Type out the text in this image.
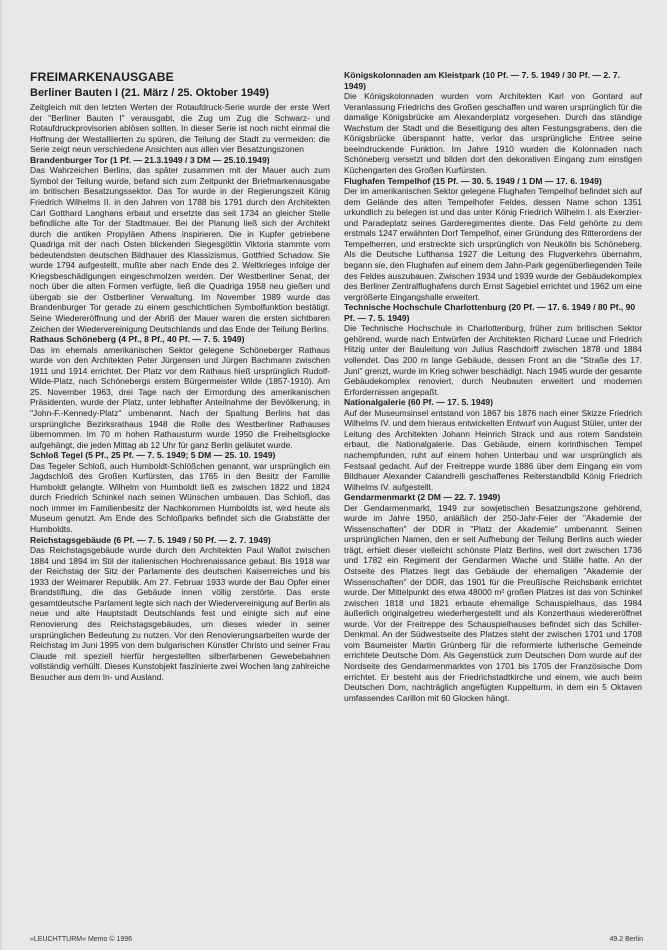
FREIMARKENAUSGABE
Berliner Bauten I (21. März / 25. Oktober 1949)

Zeitgleich mit den letzten Werten der Rotaufdruck-Serie wurde der erste Wert der "Berliner Bauten I" verausgabt, die Zug um Zug die Schwarz- und Rotaufdruckprovisorien ablösen sollten. In dieser Serie ist noch nicht einmal die Hoffnung der Westalliierten zu spüren, die Teilung der Stadt zu vermeiden: die Serie zeigt neun verschiedene Ansichten aus allen vier Besatzungszonen

Brandenburger Tor (1 Pf. — 21.3.1949 / 3 DM — 25.10.1949)

Das Wahrzeichen Berlins, das später zusammen mit der Mauer auch zum Symbol der Teilung wurde, befand sich zum Zeitpunkt der Briefmarkenausgabe im britischen Besatzungssektor. Das Tor wurde in der Regierungszeit König Friedrich Wilhelms II. in den Jahren von 1788 bis 1791 durch den Architekten Carl Gotthard Langhans erbaut und ersetzte das seit 1734 an gleicher Stelle befindliche alte Tor der Stadtmauer. Bei der Planung ließ sich der Architekt durch die antiken Propyläen Athens inspirieren. Die in Kupfer getriebene Quadriga mit der nach Osten blickenden Siegesgöttin Viktoria stammte vom bedeutendsten deutschen Bildhauer des Klassizismus, Gottfried Schadow. Sie wurde 1794 aufgestellt, mußte aber nach Ende des 2. Weltkrieges infolge der Kriegsbeschädigungen eingeschmolzen werden. Der Westberliner Senat, der noch über die alten Formen verfügte, ließ die Quadriga 1958 neu gießen und übergab sie der Ostberliner Verwaltung. Im November 1989 wurde das Brandenburger Tor gerade zu einem geschichtlichen Symbolfunktion bestätigt. Seine Wiedereröffnung und der Abriß der Mauer waren die ersten sichtbaren Zeichen der Wiedervereinigung Deutschlands und das Ende der Teilung Berlins.

Rathaus Schöneberg (4 Pf., 8 Pf., 40 Pf. — 7. 5. 1949)

Das im ehemals amerikanischen Sektor gelegene Schöneberger Rathaus wurde von den Architekten Peter Jürgensen und Jürgen Bachmann zwischen 1911 und 1914 errichtet. Der Platz vor dem Rathaus hieß ursprünglich Rudolf-Wilde-Platz, nach Schönebergs erstem Bürgermeister Wilde (1857-1910). Am 25. November 1963, drei Tage nach der Ermordung des amerikanischen Präsidenten, wurde der Platz, unter lebhafter Anteilnahme der Bevölkerung, in "John-F.-Kennedy-Platz" umbenannt. Nach der Spaltung Berlins hat das ursprüngliche Bezirksrathaus 1948 die Rolle des Westberliner Rathauses übernommen. Im 70 m hohen Rathausturm wurde 1950 die Freiheitsglocke aufgehängt, die jeden Mittag ab 12 Uhr für ganz Berlin geläutet wurde.

Schloß Tegel (5 Pf., 25 Pf. — 7. 5. 1949; 5 DM — 25. 10. 1949)

Das Tegeler Schloß, auch Humboldt-Schlößchen genannt, war ursprünglich ein Jagdschloß des Großen Kurfürsten, das 1765 in den Besitz der Familie Humboldt gelangte. Wilhelm von Humboldt ließ es zwischen 1822 und 1824 durch Friedrich Schinkel nach seinen Wünschen umbauen. Das Schloß, das noch immer im Familienbesitz der Nachkommen Humboldts ist, wird heute als Museum genutzt. Am Ende des Schloßparks befindet sich die Grabstätte der Humboldts.

Reichstagsgebäude (6 Pf. — 7. 5. 1949 / 50 Pf. — 2. 7. 1949)

Das Reichstagsgebäude wurde durch den Architekten Paul Wallot zwischen 1884 und 1894 im Stil der italienischen Hochrenaissance gebaut. Bis 1918 war der Reichstag der Sitz der Parlamente des deutschen Kaiserreiches und bis 1933 der Weimarer Republik. Am 27. Februar 1933 wurde der Bau Opfer einer Brandstiftung, die das Gebäude innen völlig zerstörte. Das erste gesamtdeutsche Parlament legte sich nach der Wiedervereinigung auf Berlin als neue und alte Hauptstadt Deutschlands fest und einigte sich auf eine Renovierung des Reichstagsgebäudes, um dieses wieder in seiner ursprünglichen Bedeutung zu nutzen. Vor den Renovierungsarbeiten wurde der Reichstag im Juni 1995 von dem bulgarischen Künstler Christo und seiner Frau Claude mit speziell hierfür hergestellten silberfarbenen Gewebebahnen vollständig verhüllt. Dieses Kunstobjekt faszinierte zwei Wochen lang zahlreiche Besucher aus dem In- und Ausland.

Königskolonnaden am Kleistpark (10 Pf. — 7. 5. 1949 / 30 Pf. — 2. 7. 1949)

Die Königskolonnaden wurden vom Architekten Karl von Gontard auf Veranlassung Friedrichs des Großen geschaffen und waren ursprünglich für die damalige Königsbrücke am Alexanderplatz vorgesehen. Durch das ständige Wachstum der Stadt und die Beseitigung des alten Festungsgrabens, den die Königsbrücke überspannt hatte, verlor das ursprüngliche Entree seine beeindruckende Funktion. Im Jahre 1910 wurden die Kolonnaden nach Schöneberg versetzt und bilden dort den dekorativen Eingang zum einstigen Küchengarten des Großen Kurfürsten.

Flughafen Tempelhof (15 Pf. — 30. 5. 1949 / 1 DM — 17. 6. 1949)

Der im amerikanischen Sektor gelegene Flughafen Tempelhof befindet sich auf dem Gelände des alten Tempelhofer Feldes, dessen Name schon 1351 urkundlich zu belegen ist und das unter König Friedrich Wilhelm I. als Exerzier- und Paradeplatz seines Garderegimentes diente. Das Feld gehörte zu dem erstmals 1247 erwähnten Dorf Tempelhof, einer Gründung des Ritterordens der Tempelherren, und erstreckte sich ursprünglich von Neukölln bis Schöneberg. Als die Deutsche Lufthansa 1927 die Leitung des Flugverkehrs übernahm, begann sie, den Flughafen auf einem dem Jahn-Park gegenüberliegenden Teile des Feldes auszubauen. Zwischen 1934 und 1939 wurde der Gebäudekomplex des Berliner Zentralflughafens durch Ernst Sagebiel errichtet und 1962 um eine vergrößerte Eingangshalle erweitert.

Technische Hochschule Charlottenburg (20 Pf. — 17. 6. 1949 / 80 Pf., 90 Pf. — 7. 5. 1949)

Die Technische Hochschule in Charlottenburg, früher zum britischen Sektor gehörend, wurde nach Entwürfen der Architekten Richard Lucae und Friedrich Hitzig unter der Bauleitung von Julius Raschdorff zwischen 1878 und 1884 vollendet. Das 200 m lange Gebäude, dessen Front an die "Straße des 17. Juni" grenzt, wurde im Krieg schwer beschädigt. Nach 1945 wurde der gesamte Gebäudekomplex renoviert, durch Neubauten erweitert und modernen Erfordernissen angepaßt.

Nationalgalerie (60 Pf. — 17. 5. 1949)

Auf der Museumsinsel entstand von 1867 bis 1876 nach einer Skizze Friedrich Wilhelms IV. und dem hieraus entwickelten Entwurf von August Stüler, unter der Leitung des Architekten Johann Heinrich Strack und aus rotem Sandstein erbaut, die Nationalgalerie. Das Gebäude, einem korinthischen Tempel nachempfunden, ruht auf einem hohen Unterbau und war ursprünglich als Festsaal gedacht. Auf der Freitreppe wurde 1886 über dem Eingang ein vom Bildhauer Alexander Calandrelli geschaffenes Reiterstandbild König Friedrich Wilhelms IV. aufgestellt.

Gendarmenmarkt (2 DM — 22. 7. 1949)

Der Gendarmenmarkt, 1949 zur sowjetischen Besatzungszone gehörend, wurde im Jahre 1950, anläßlich der 250-Jahr-Feier der "Akademie der Wissenschaften" der DDR in "Platz der Akademie" umbenannt. Seinen ursprünglichen Namen, den er seit Aufhebung der Teilung Berlins auch wieder trägt, erhielt dieser vielleicht schönste Platz Berlins, weil dort zwischen 1736 und 1782 ein Regiment der Gendarmen Wache und Ställe hatte. An der Ostseite des Platzes liegt das Gebäude der ehemaligen "Akademie der Wissenschaften" der DDR, das 1901 für die Preußische Reichsbank errichtet wurde. Der Mittelpunkt des etwa 48000 m² großen Platzes ist das von Schinkel zwischen 1818 und 1821 erbaute ehemalige Schauspielhaus, das 1984 äußerlich originalgetreu wiederhergestellt und als Konzerthaus wiedereröffnet wurde. Vor der Freitreppe des Schauspielhauses befindet sich das Schiller-Denkmal. An der Südwestseite des Platzes steht der zwischen 1701 und 1708 vom Baumeister Martin Grünberg für die reformierte lutherische Gemeinde errichtete Deutsche Dom. Als Gegenstück zum Deutschen Dom wurde auf der Nordseite des Gendarmenmarktes von 1701 bis 1705 der Französische Dom errichtet. Er besteht aus der Friedrichstadtkirche und einem, wie auch beim Deutschen Dom, nachträglich angefügten Kuppelturm, in dem ein 5 Oktaven umfassendes Carillon mit 60 Glocken hängt.

»LEUCHTTURM« Memo © 1996	49.2 Berlin
